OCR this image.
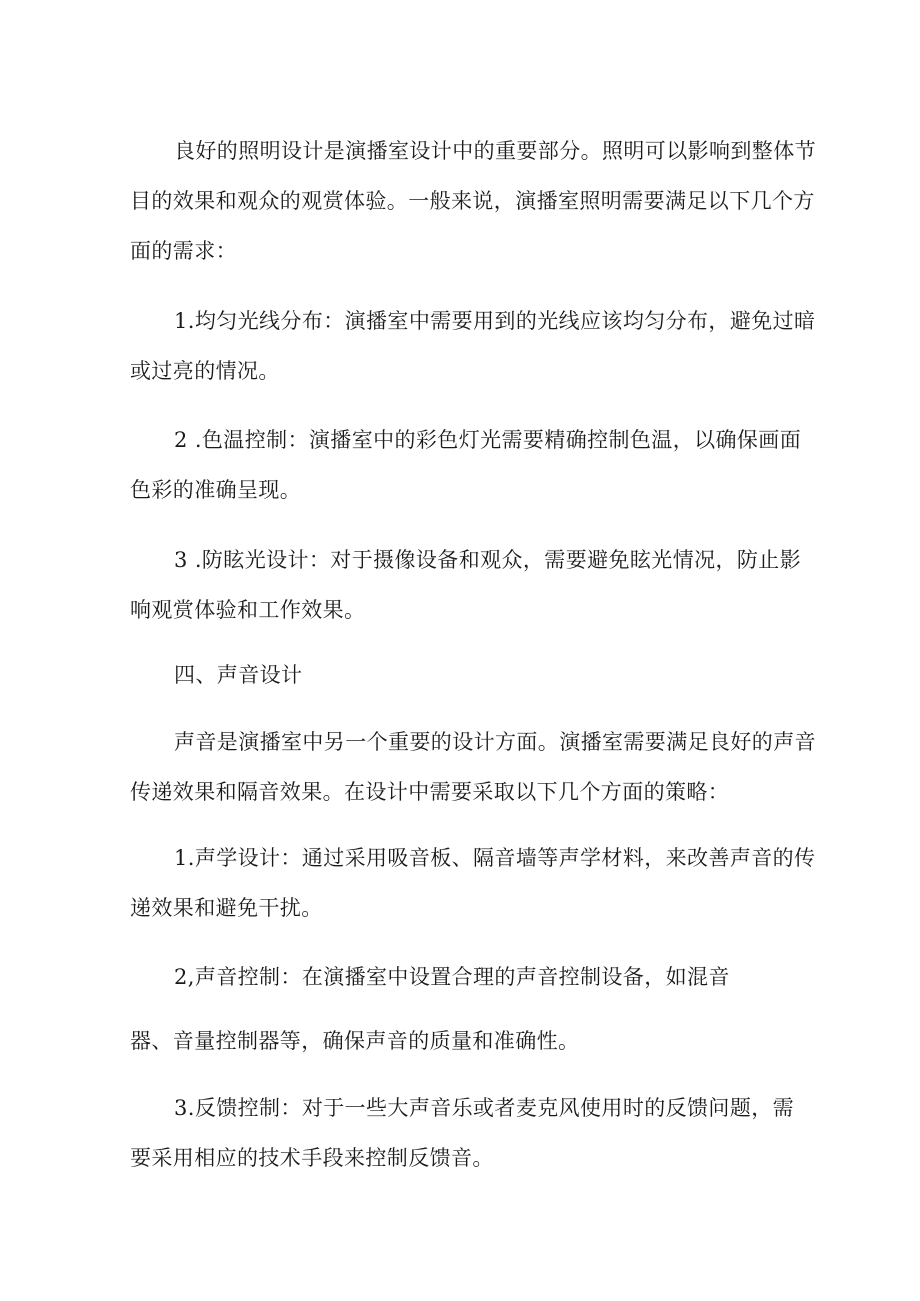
良好的照明设计是演播室设计中的重要部分。照明可以影响到整体节
目的效果和观众的观赏体验。一般来说，演播室照明需要满足以下几个方
面的需求：

1.均匀光线分布：演播室中需要用到的光线应该均匀分布，避免过暗
或过亮的情况。

2 .色温控制：演播室中的彩色灯光需要精确控制色温，以确保画面
色彩的准确呈现。

3 .防眩光设计：对于摄像设备和观众，需要避免眩光情况，防止影
响观赏体验和工作效果。

四、声音设计

声音是演播室中另一个重要的设计方面。演播室需要满足良好的声音
传递效果和隔音效果。在设计中需要采取以下几个方面的策略：

1.声学设计：通过采用吸音板、隔音墙等声学材料，来改善声音的传
递效果和避免干扰。

2,声音控制：在演播室中设置合理的声音控制设备，如混音

器、音量控制器等，确保声音的质量和准确性。

3.反馈控制：对于一些大声音乐或者麦克风使用时的反馈问题，需
要采用相应的技术手段来控制反馈音。
